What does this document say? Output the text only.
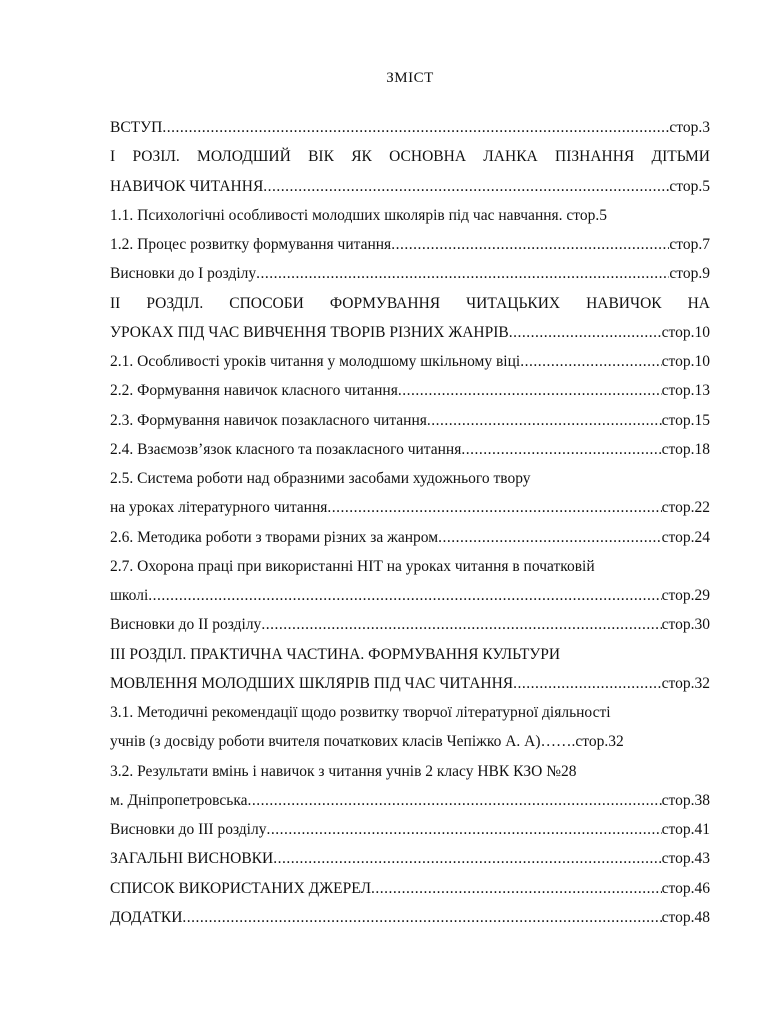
ЗМІСТ
ВСТУП .....	стор.3
І РОЗІЛ. МОЛОДШИЙ ВІК ЯК ОСНОВНА ЛАНКА ПІЗНАННЯ ДІТЬМИ
НАВИЧОК ЧИТАННЯ .....	стор.5
1.1. Психологічні особливості молодших школярів під час навчання. стор.5
1.2. Процес розвитку формування читання .....	стор.7
Висновки до І розділу .....	стор.9
ІІ РОЗДІЛ. СПОСОБИ ФОРМУВАННЯ ЧИТАЦЬКИХ НАВИЧОК НА
УРОКАХ ПІД ЧАС ВИВЧЕННЯ ТВОРІВ РІЗНИХ ЖАНРІВ .....	стор.10
2.1. Особливості уроків читання у молодшому шкільному віці .....	стор.10
2.2. Формування навичок класного читання .....	стор.13
2.3. Формування навичок позакласного читання .....	стор.15
2.4. Взаємозв’язок класного та позакласного читання .....	стор.18
2.5. Система роботи над образними засобами художнього твору
на уроках літературного читання .....	стор.22
2.6. Методика роботи з творами різних за жанром .....	стор.24
2.7. Охорона праці при використанні НІТ на уроках читання в початковій
школі .....	стор.29
Висновки до ІІ розділу .....	стор.30
ІІІ РОЗДІЛ. ПРАКТИЧНА ЧАСТИНА. ФОРМУВАННЯ КУЛЬТУРИ
МОВЛЕННЯ МОЛОДШИХ ШКЛЯРІВ ПІД ЧАС ЧИТАННЯ .....	стор.32
3.1. Методичні рекомендації щодо розвитку творчої літературної діяльності
учнів (з досвіду роботи вчителя початкових класів Чепіжко А. А)…….стор.32
3.2. Результати вмінь і навичок з читання учнів 2 класу НВК КЗО №28
м. Дніпропетровська .....	стор.38
Висновки до ІІІ розділу .....	стор.41
ЗАГАЛЬНІ ВИСНОВКИ .....	стор.43
СПИСОК ВИКОРИСТАНИХ ДЖЕРЕЛ .....	стор.46
ДОДАТКИ .....	стор.48
